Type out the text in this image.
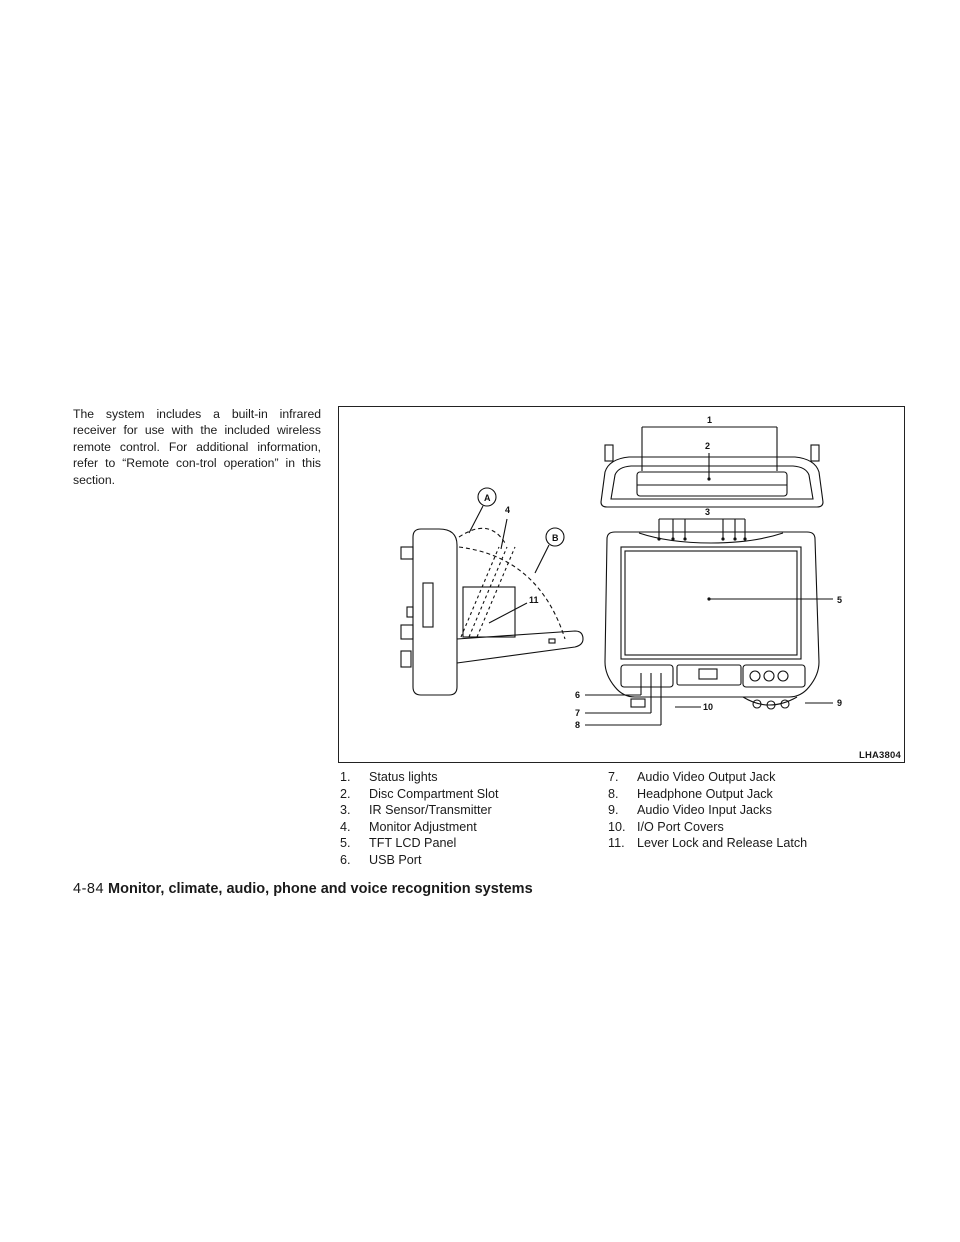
The system includes a built-in infrared receiver for use with the included wireless remote control. For additional information, refer to “Remote con-trol operation” in this section.

1
2
3
4
5
6
7
8
9
10
11
A
B
LHA3804
1. Status lights
2. Disc Compartment Slot
3. IR Sensor/Transmitter
4. Monitor Adjustment
5. TFT LCD Panel
6. USB Port
7. Audio Video Output Jack
8. Headphone Output Jack
9. Audio Video Input Jacks
10. I/O Port Covers
11. Lever Lock and Release Latch
4-84 Monitor, climate, audio, phone and voice recognition systems
